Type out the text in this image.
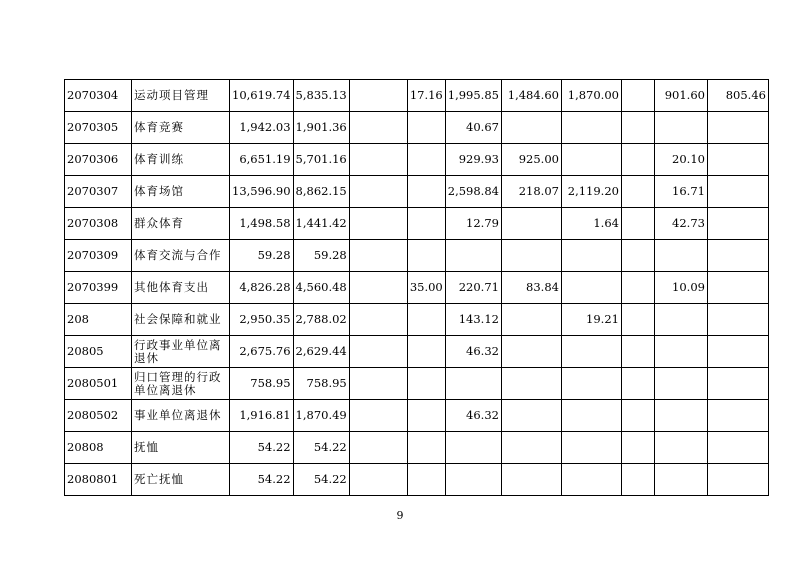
2070304	运动项目管理	10,619.74	5,835.13		17.16	1,995.85	1,484.60	1,870.00		901.60	805.46
2070305	体育竞赛	1,942.03	1,901.36			40.67					
2070306	体育训练	6,651.19	5,701.16			929.93	925.00			20.10	
2070307	体育场馆	13,596.90	8,862.15			2,598.84	218.07	2,119.20		16.71	
2070308	群众体育	1,498.58	1,441.42			12.79		1.64		42.73	
2070309	体育交流与合作	59.28	59.28								
2070399	其他体育支出	4,826.28	4,560.48		35.00	220.71	83.84			10.09	
208	社会保障和就业	2,950.35	2,788.02			143.12		19.21			
20805	行政事业单位离退休	2,675.76	2,629.44			46.32					
2080501	归口管理的行政单位离退休	758.95	758.95								
2080502	事业单位离退休	1,916.81	1,870.49			46.32					
20808	抚恤	54.22	54.22								
2080801	死亡抚恤	54.22	54.22								
9
